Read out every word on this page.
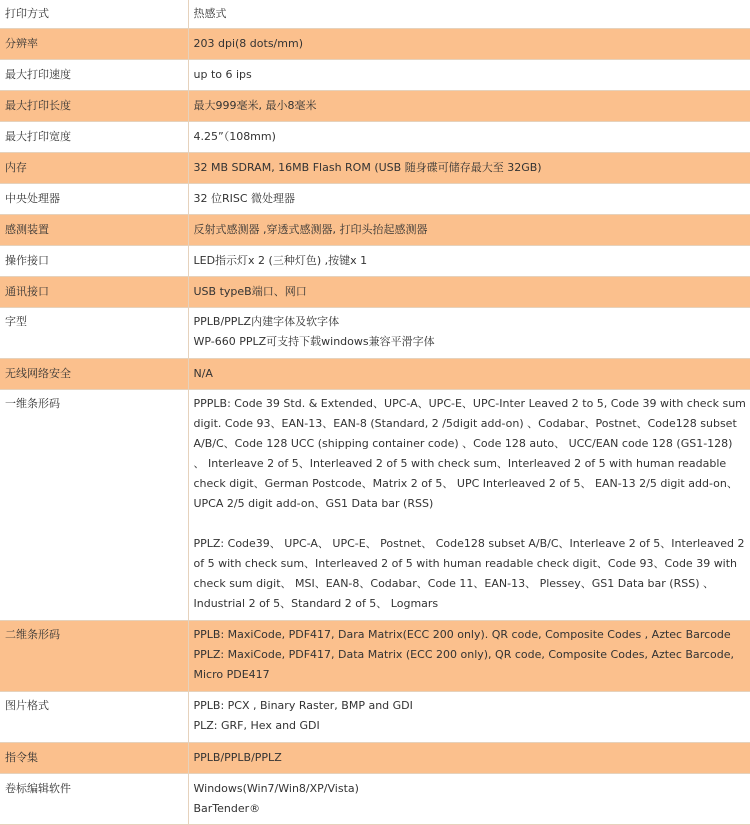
打印方式	热感式

分辨率	203 dpi(8 dots/mm)

最大打印速度	up to 6 ips

最大打印长度	最大999毫米, 最小8毫米

最大打印宽度	4.25”（108mm)

内存	32 MB SDRAM, 16MB Flash ROM (USB 随身碟可储存最大至 32GB)

中央处理器	32 位RISC 微处理器

感测装置	反射式感测器 ,穿透式感测器, 打印头抬起感测器

操作接口	LED指示灯x 2 (三种灯色) ,按键x 1

通讯接口	USB typeB端口、网口

字型	PPLB/PPLZ内建字体及软字体
WP-660 PPLZ可支持下载windows兼容平滑字体

无线网络安全	N/A

一维条形码	PPPLB: Code 39 Std. & Extended、UPC-A、UPC-E、UPC-Inter Leaved 2 to 5, Code 39 with check sum digit. Code 93、EAN-13、EAN-8 (Standard, 2 /5digit add-on) 、Codabar、Postnet、Code128 subset A/B/C、Code 128 UCC (shipping container code) 、Code 128 auto、 UCC/EAN code 128 (GS1-128) 、 Interleave 2 of 5、Interleaved 2 of 5 with check sum、Interleaved 2 of 5 with human readable check digit、German Postcode、Matrix 2 of 5、 UPC Interleaved 2 of 5、 EAN-13 2/5 digit add-on、 UPCA 2/5 digit add-on、GS1 Data bar (RSS)
PPLZ: Code39、 UPC-A、 UPC-E、 Postnet、 Code128 subset A/B/C、Interleave 2 of 5、Interleaved 2 of 5 with check sum、Interleaved 2 of 5 with human readable check digit、Code 93、Code 39 with check sum digit、 MSI、EAN-8、Codabar、Code 11、EAN-13、 Plessey、GS1 Data bar (RSS) 、 Industrial 2 of 5、Standard 2 of 5、 Logmars

二维条形码	PPLB: MaxiCode, PDF417, Dara Matrix(ECC 200 only). QR code, Composite Codes , Aztec Barcode
PPLZ: MaxiCode, PDF417, Data Matrix (ECC 200 only), QR code, Composite Codes, Aztec Barcode, Micro PDE417

图片格式	PPLB: PCX , Binary Raster, BMP and GDI
PLZ: GRF, Hex and GDI

指令集	PPLB/PPLB/PPLZ

卷标编辑软件	Windows(Win7/Win8/XP/Vista)
BarTender®
